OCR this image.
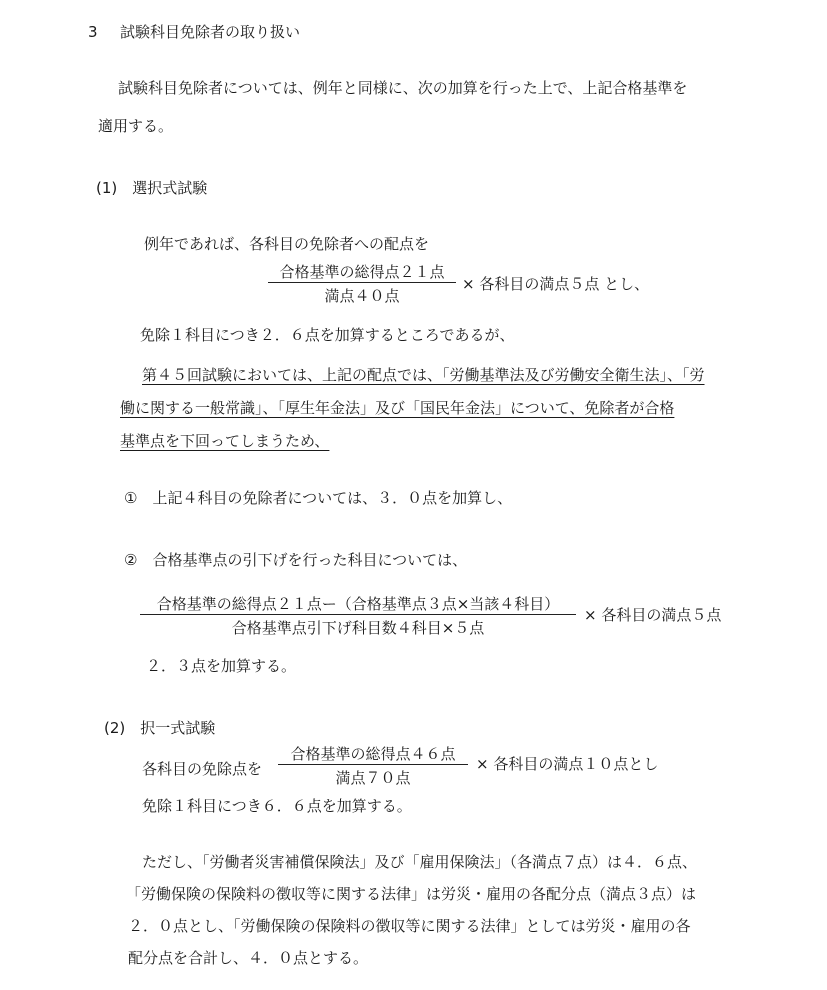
3 試験科目免除者の取り扱い
試験科目免除者については、例年と同様に、次の加算を行った上で、上記合格基準を
適用する。
(1)　選択式試験
例年であれば、各科目の免除者への配点を
合格基準の総得点２１点
満点４０点
× 各科目の満点５点 とし、
免除１科目につき２．６点を加算するところであるが、
第４５回試験においては、上記の配点では、「労働基準法及び労働安全衛生法」、「労
働に関する一般常識」、「厚生年金法」及び「国民年金法」について、免除者が合格
基準点を下回ってしまうため、
①　上記４科目の免除者については、３．０点を加算し、
②　合格基準点の引下げを行った科目については、
合格基準の総得点２１点ー（合格基準点３点×当該４科目）
合格基準点引下げ科目数４科目×５点
× 各科目の満点５点
２．３点を加算する。
(2)　択一式試験
各科目の免除点を
合格基準の総得点４６点
満点７０点
× 各科目の満点１０点とし
免除１科目につき６．６点を加算する。
ただし、「労働者災害補償保険法」及び「雇用保険法」（各満点７点）は４．６点、
「労働保険の保険料の徴収等に関する法律」は労災・雇用の各配分点（満点３点）は
２．０点とし、「労働保険の保険料の徴収等に関する法律」としては労災・雇用の各
配分点を合計し、４．０点とする。
